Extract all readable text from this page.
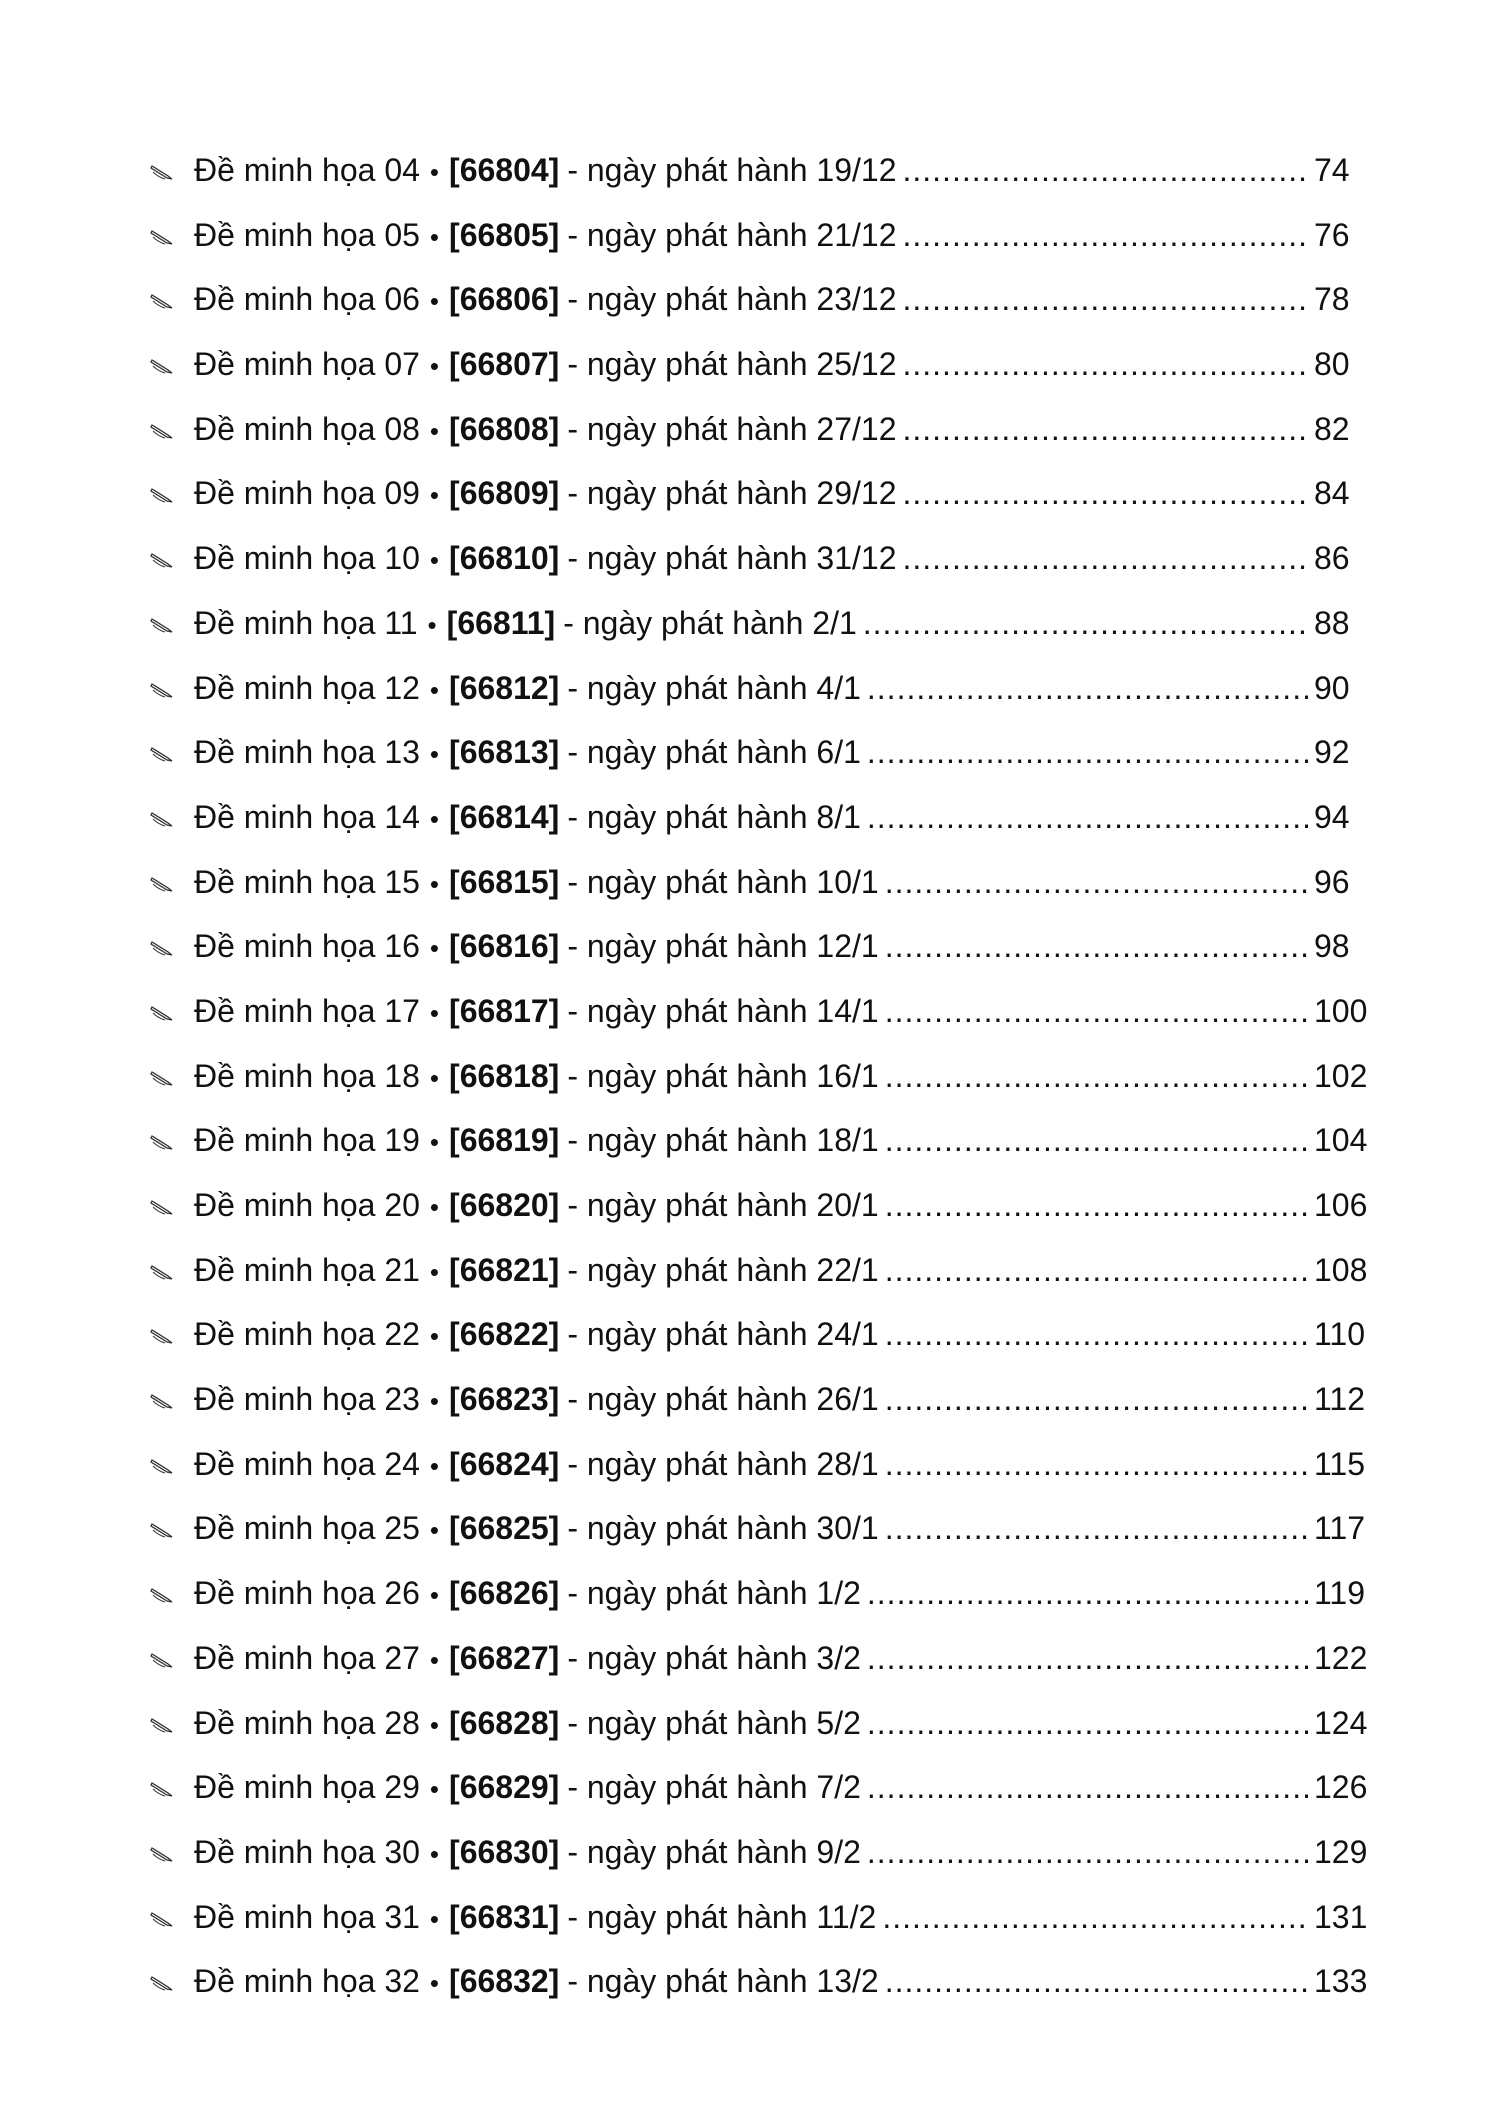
Đề minh họa 04 • [66804] - ngày phát hành 19/12 .....	74
Đề minh họa 05 • [66805] - ngày phát hành 21/12 .....	76
Đề minh họa 06 • [66806] - ngày phát hành 23/12 .....	78
Đề minh họa 07 • [66807] - ngày phát hành 25/12 .....	80
Đề minh họa 08 • [66808] - ngày phát hành 27/12 .....	82
Đề minh họa 09 • [66809] - ngày phát hành 29/12 .....	84
Đề minh họa 10 • [66810] - ngày phát hành 31/12 .....	86
Đề minh họa 11 • [66811] - ngày phát hành 2/1 .....	88
Đề minh họa 12 • [66812] - ngày phát hành 4/1 .....	90
Đề minh họa 13 • [66813] - ngày phát hành 6/1 .....	92
Đề minh họa 14 • [66814] - ngày phát hành 8/1 .....	94
Đề minh họa 15 • [66815] - ngày phát hành 10/1 .....	96
Đề minh họa 16 • [66816] - ngày phát hành 12/1 .....	98
Đề minh họa 17 • [66817] - ngày phát hành 14/1 .....	100
Đề minh họa 18 • [66818] - ngày phát hành 16/1 .....	102
Đề minh họa 19 • [66819] - ngày phát hành 18/1 .....	104
Đề minh họa 20 • [66820] - ngày phát hành 20/1 .....	106
Đề minh họa 21 • [66821] - ngày phát hành 22/1 .....	108
Đề minh họa 22 • [66822] - ngày phát hành 24/1 .....	110
Đề minh họa 23 • [66823] - ngày phát hành 26/1 .....	112
Đề minh họa 24 • [66824] - ngày phát hành 28/1 .....	115
Đề minh họa 25 • [66825] - ngày phát hành 30/1 .....	117
Đề minh họa 26 • [66826] - ngày phát hành 1/2 .....	119
Đề minh họa 27 • [66827] - ngày phát hành 3/2 .....	122
Đề minh họa 28 • [66828] - ngày phát hành 5/2 .....	124
Đề minh họa 29 • [66829] - ngày phát hành 7/2 .....	126
Đề minh họa 30 • [66830] - ngày phát hành 9/2 .....	129
Đề minh họa 31 • [66831] - ngày phát hành 11/2 .....	131
Đề minh họa 32 • [66832] - ngày phát hành 13/2 .....	133
